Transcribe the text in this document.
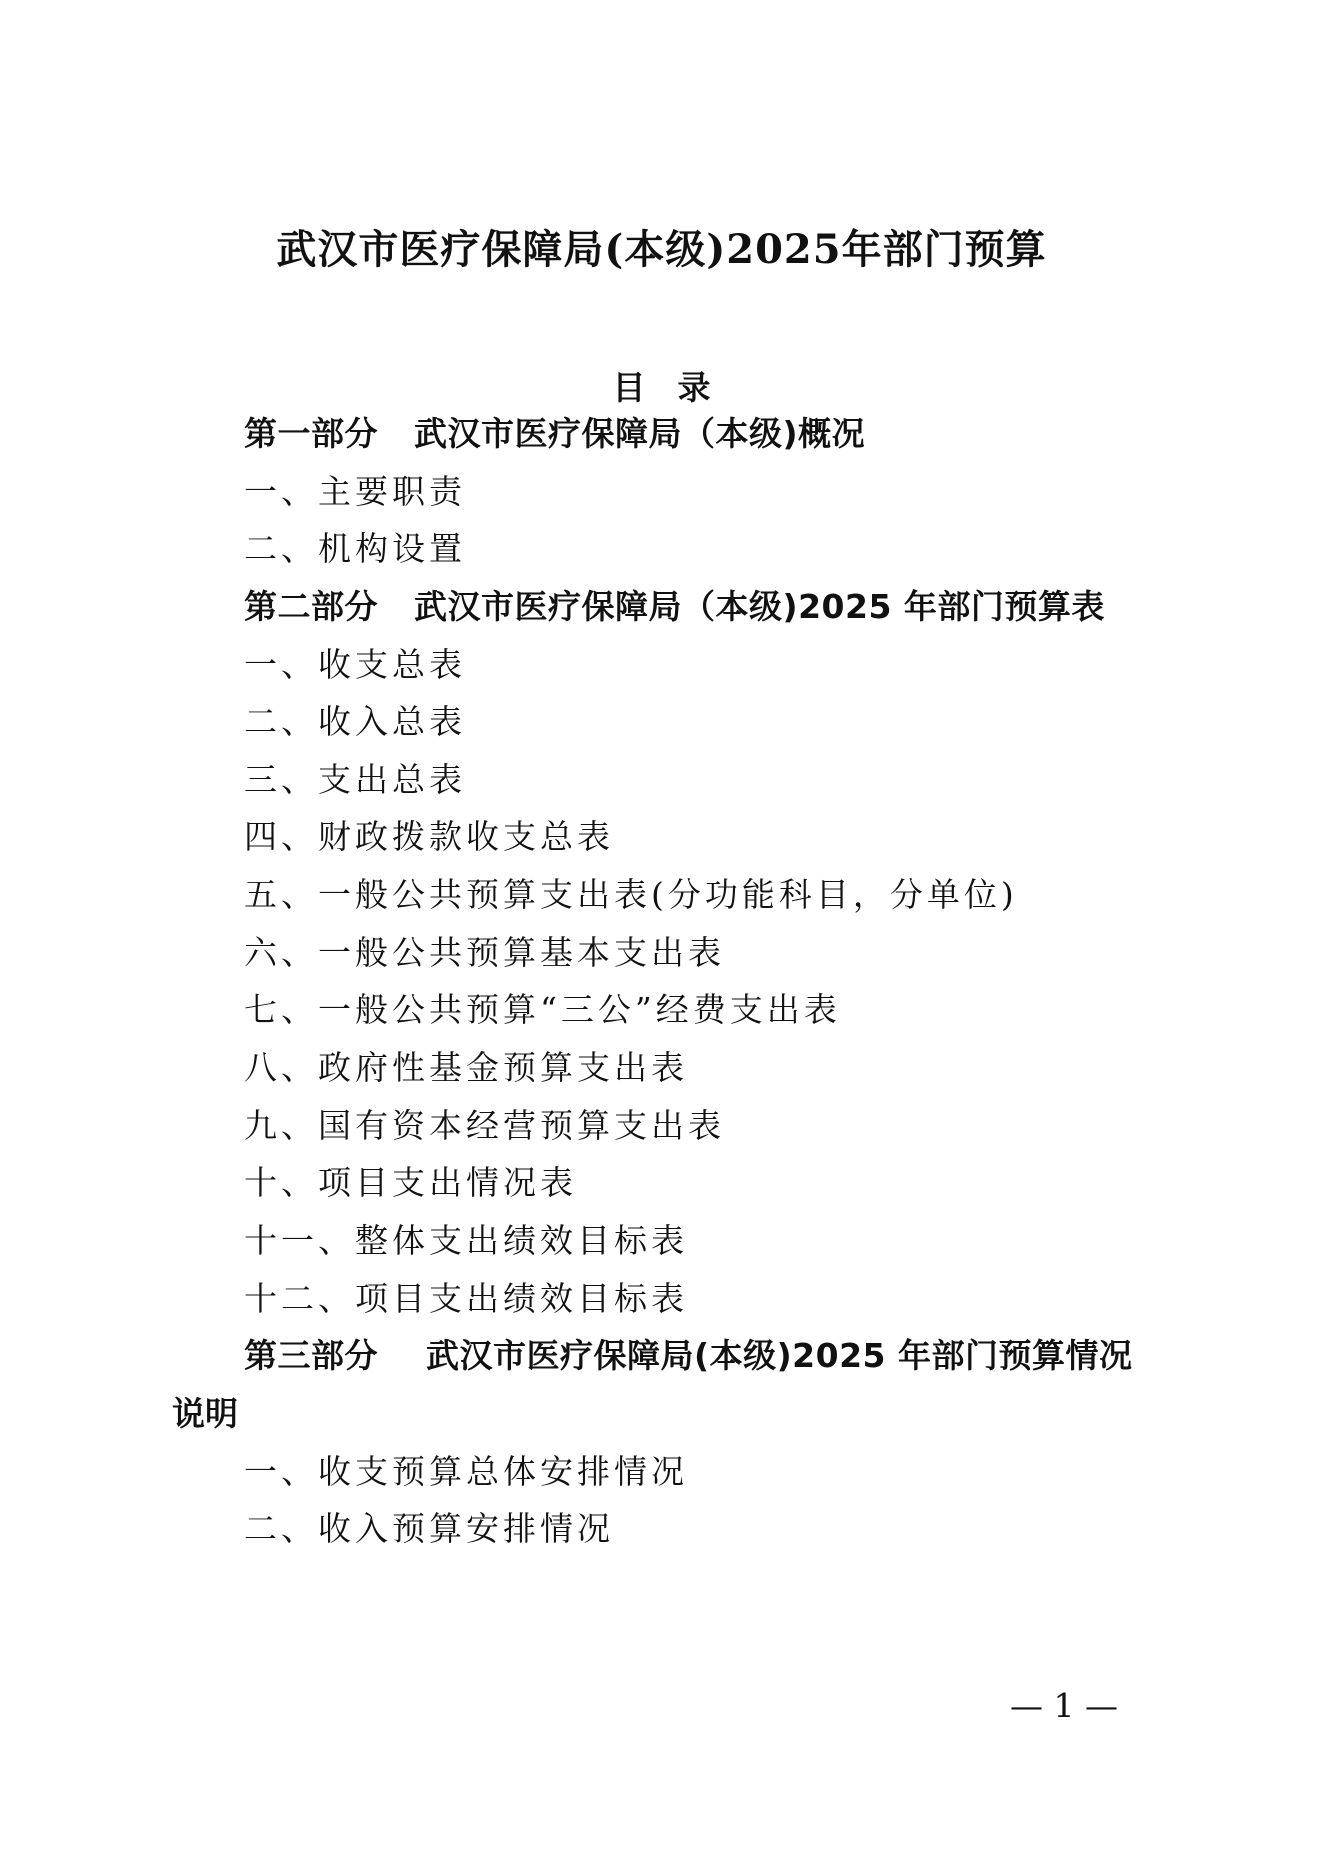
武汉市医疗保障局(本级)2025年部门预算
目录
第一部分 武汉市医疗保障局（本级)概况
一、主要职责
二、机构设置
第二部分 武汉市医疗保障局（本级)2025 年部门预算表
一、收支总表
二、收入总表
三、支出总表
四、财政拨款收支总表
五、一般公共预算支出表(分功能科目，分单位)
六、一般公共预算基本支出表
七、一般公共预算“三公”经费支出表
八、政府性基金预算支出表
九、国有资本经营预算支出表
十、项目支出情况表
十一、整体支出绩效目标表
十二、项目支出绩效目标表
第三部分 武汉市医疗保障局(本级)2025 年部门预算情况
说明
一、收支预算总体安排情况
二、收入预算安排情况
— 1 —
